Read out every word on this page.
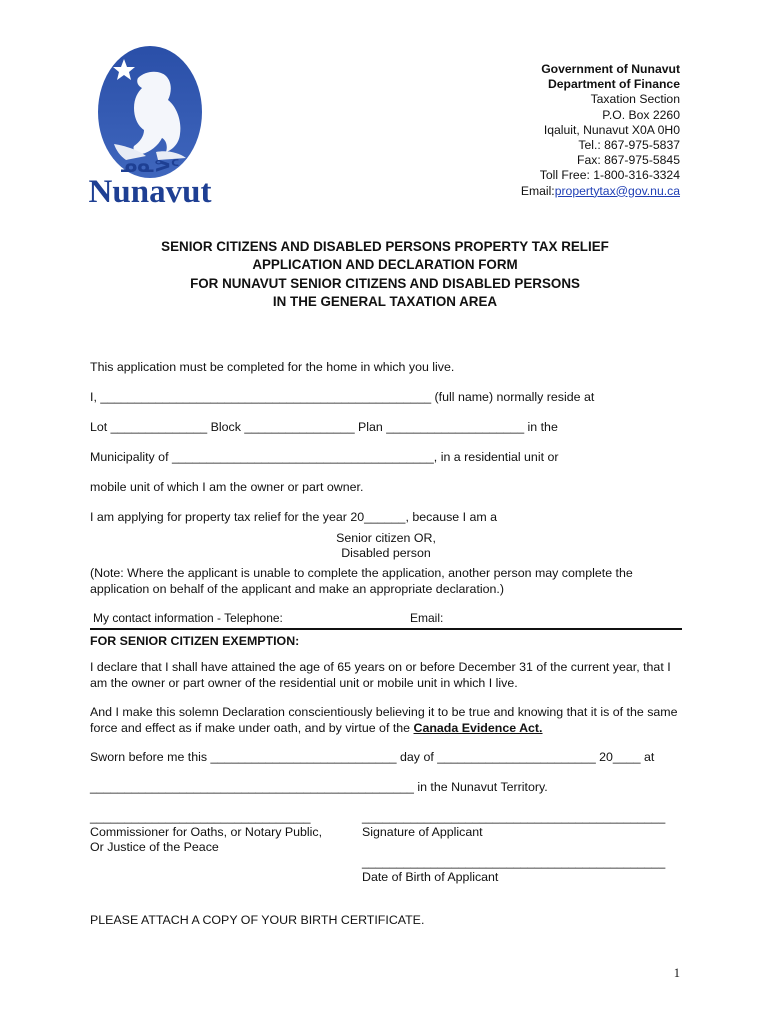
ᓄᓇᕗᑦ
Nunavut
Government of Nunavut
Department of Finance
Taxation Section
P.O. Box 2260
Iqaluit, Nunavut X0A 0H0
Tel.: 867-975-5837
Fax: 867-975-5845
Toll Free: 1-800-316-3324
Email:propertytax@gov.nu.ca
SENIOR CITIZENS AND DISABLED PERSONS PROPERTY TAX RELIEF
APPLICATION AND DECLARATION FORM
FOR NUNAVUT SENIOR CITIZENS AND DISABLED PERSONS
IN THE GENERAL TAXATION AREA
This application must be completed for the home in which you live.
I, ________________________________________________ (full name) normally reside at
Lot ______________ Block ________________ Plan ____________________ in the
Municipality of ______________________________________, in a residential unit or
mobile unit of which I am the owner or part owner.
I am applying for property tax relief for the year 20______, because I am a
Senior citizen OR,
Disabled person
(Note: Where the applicant is unable to complete the application, another person may complete the application on behalf of the applicant and make an appropriate declaration.)
My contact information - Telephone:	Email:
FOR SENIOR CITIZEN EXEMPTION:
I declare that I shall have attained the age of 65 years on or before December 31 of the current year, that I am the owner or part owner of the residential unit or mobile unit in which I live.
And I make this solemn Declaration conscientiously believing it to be true and knowing that it is of the same force and effect as if make under oath, and by virtue of the Canada Evidence Act.
Sworn before me this ___________________________ day of _______________________ 20____ at
_______________________________________________ in the Nunavut Territory.
________________________________
Commissioner for Oaths, or Notary Public,
Or Justice of the Peace
____________________________________________
Signature of Applicant
____________________________________________
Date of Birth of Applicant
PLEASE ATTACH A COPY OF YOUR BIRTH CERTIFICATE.
1
